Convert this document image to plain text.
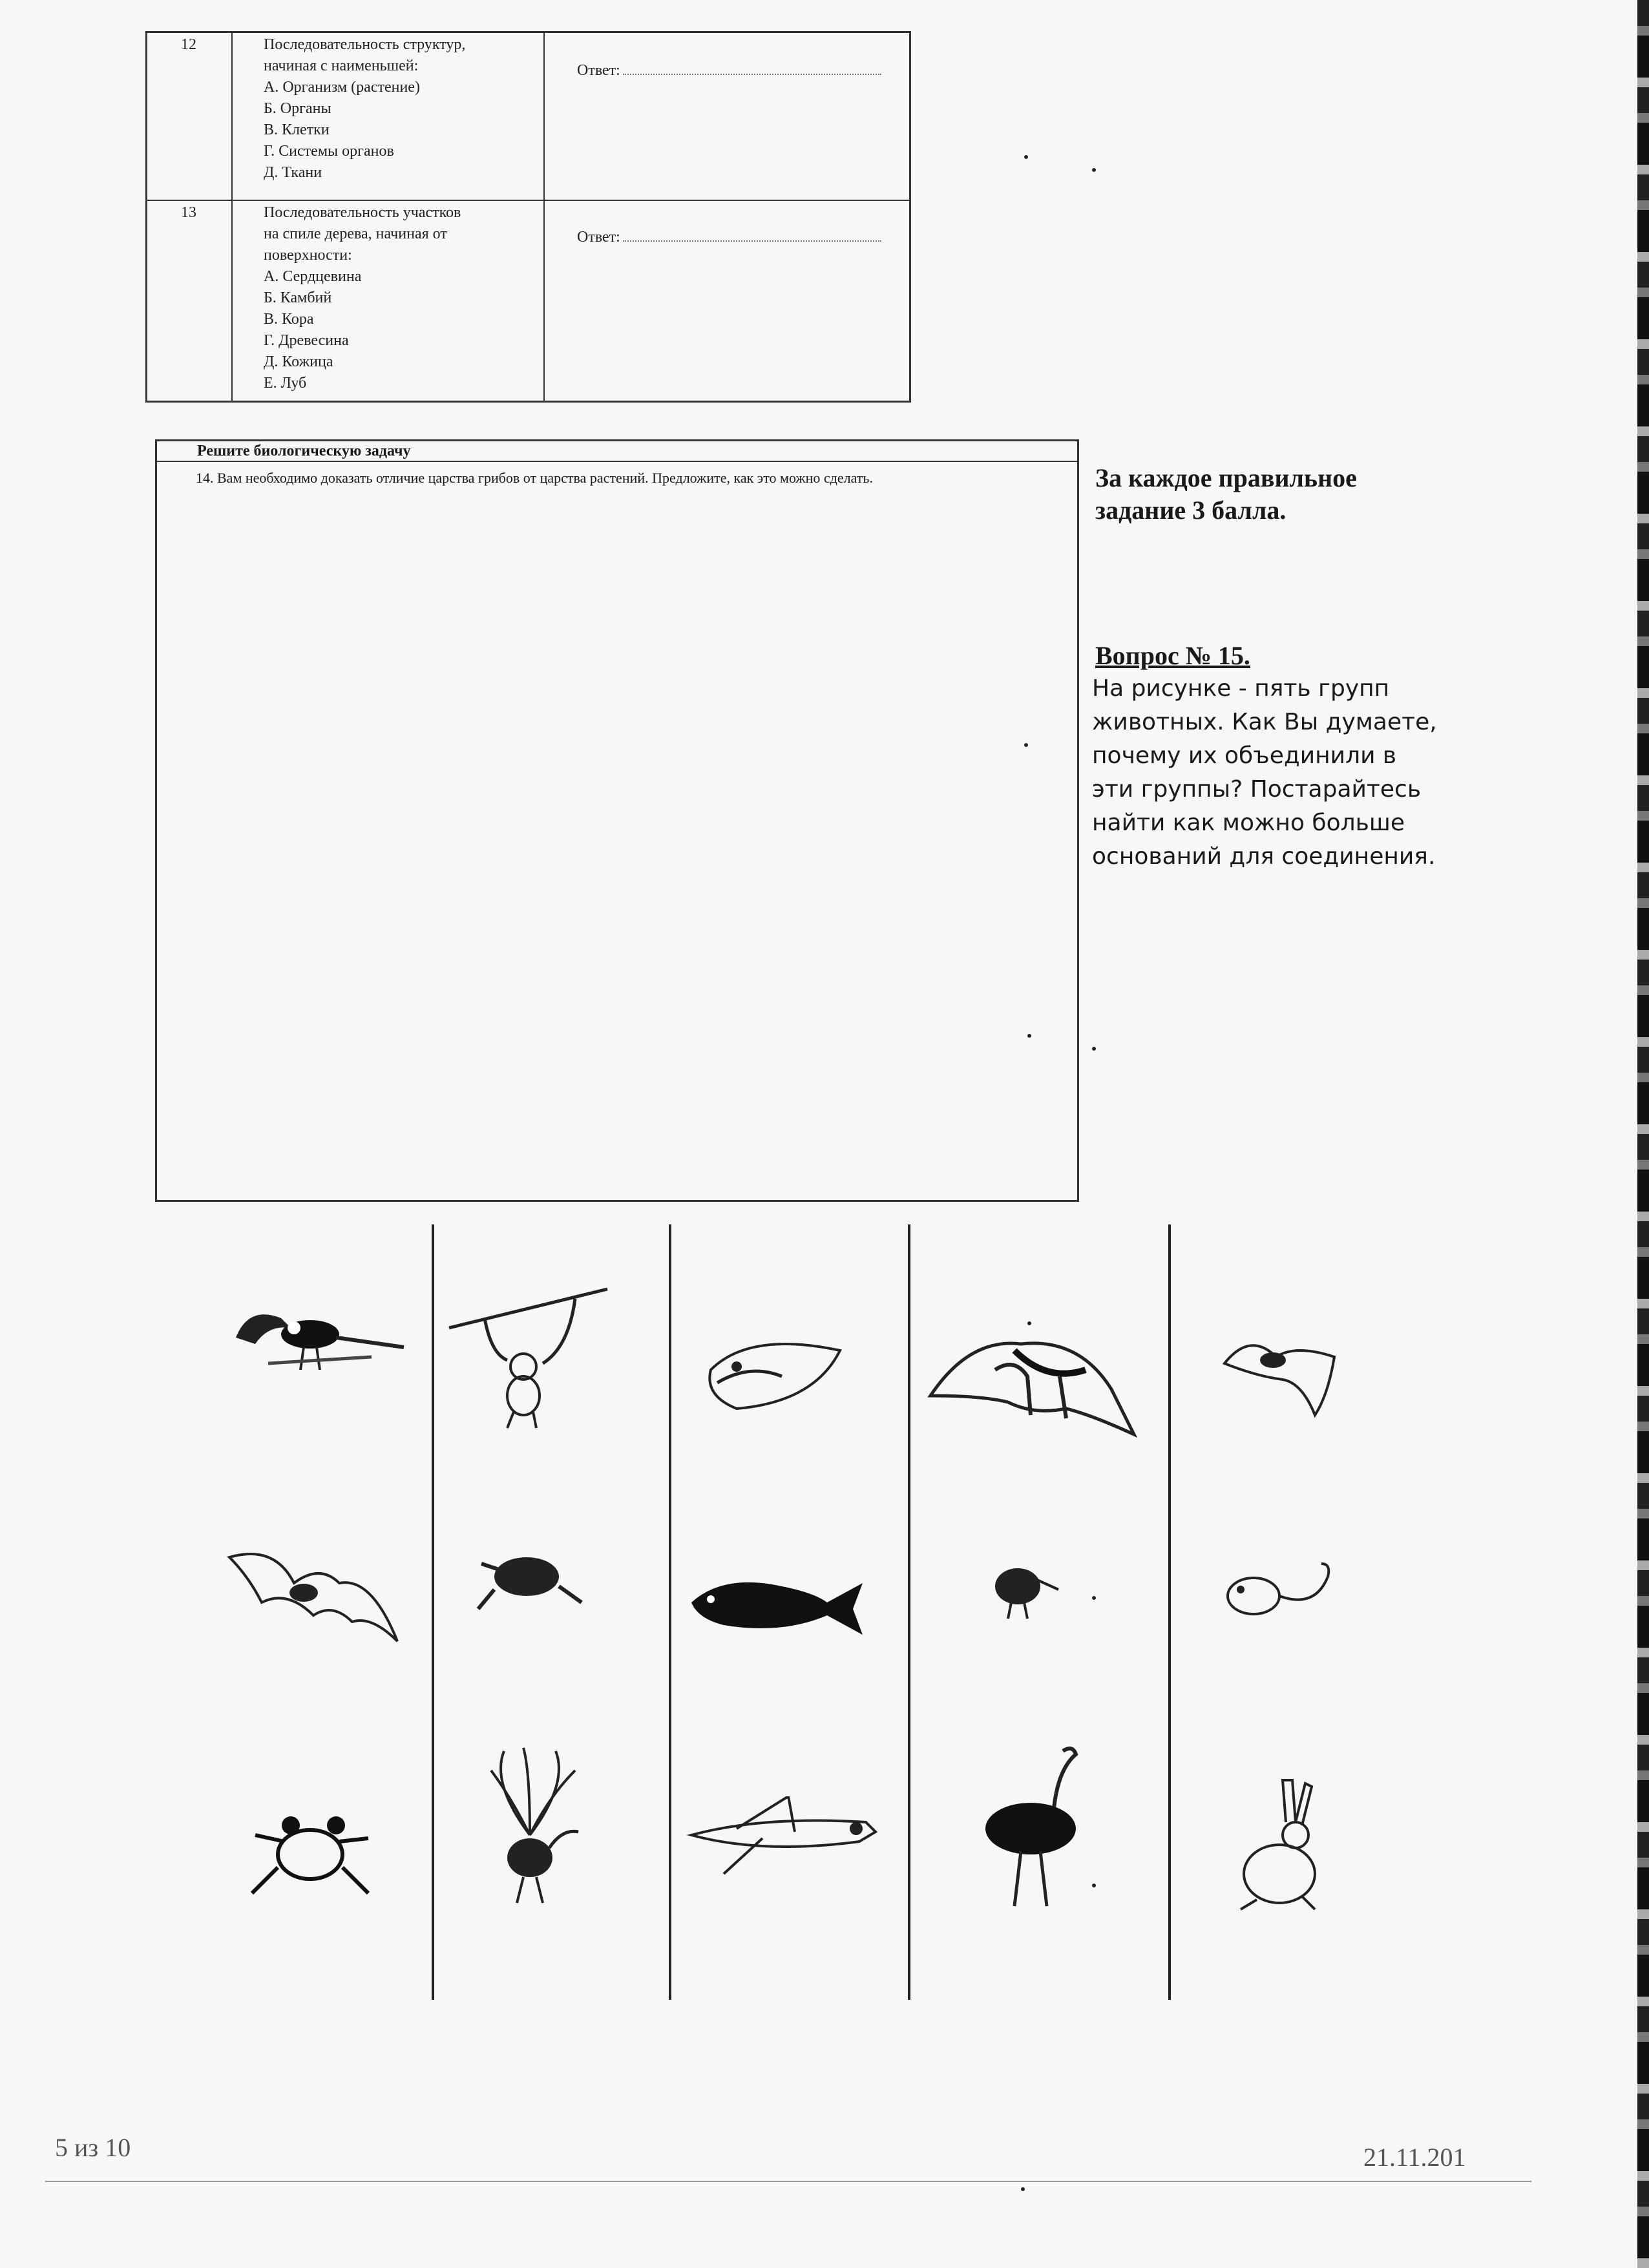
12	Последовательность структур,
начиная с наименьшей:
А. Организм (растение)
Б. Органы
В. Клетки
Г. Системы органов
Д. Ткани
Ответ:
13	Последовательность участков
на спиле дерева, начиная от
поверхности:
А. Сердцевина
Б. Камбий
В. Кора
Г. Древесина
Д. Кожица
Е. Луб
Ответ:
Решите биологическую задачу
14. Вам необходимо доказать отличие царства грибов от царства растений. Предложите, как это можно сделать.	За каждое правильное
задание 3 балла.
Вопрос № 15.
На рисунке - пять групп
животных. Как Вы думаете,
почему их объединили в
эти группы? Постарайтесь
найти как можно больше
оснований для соединения.
5 из 10	21.11.201
